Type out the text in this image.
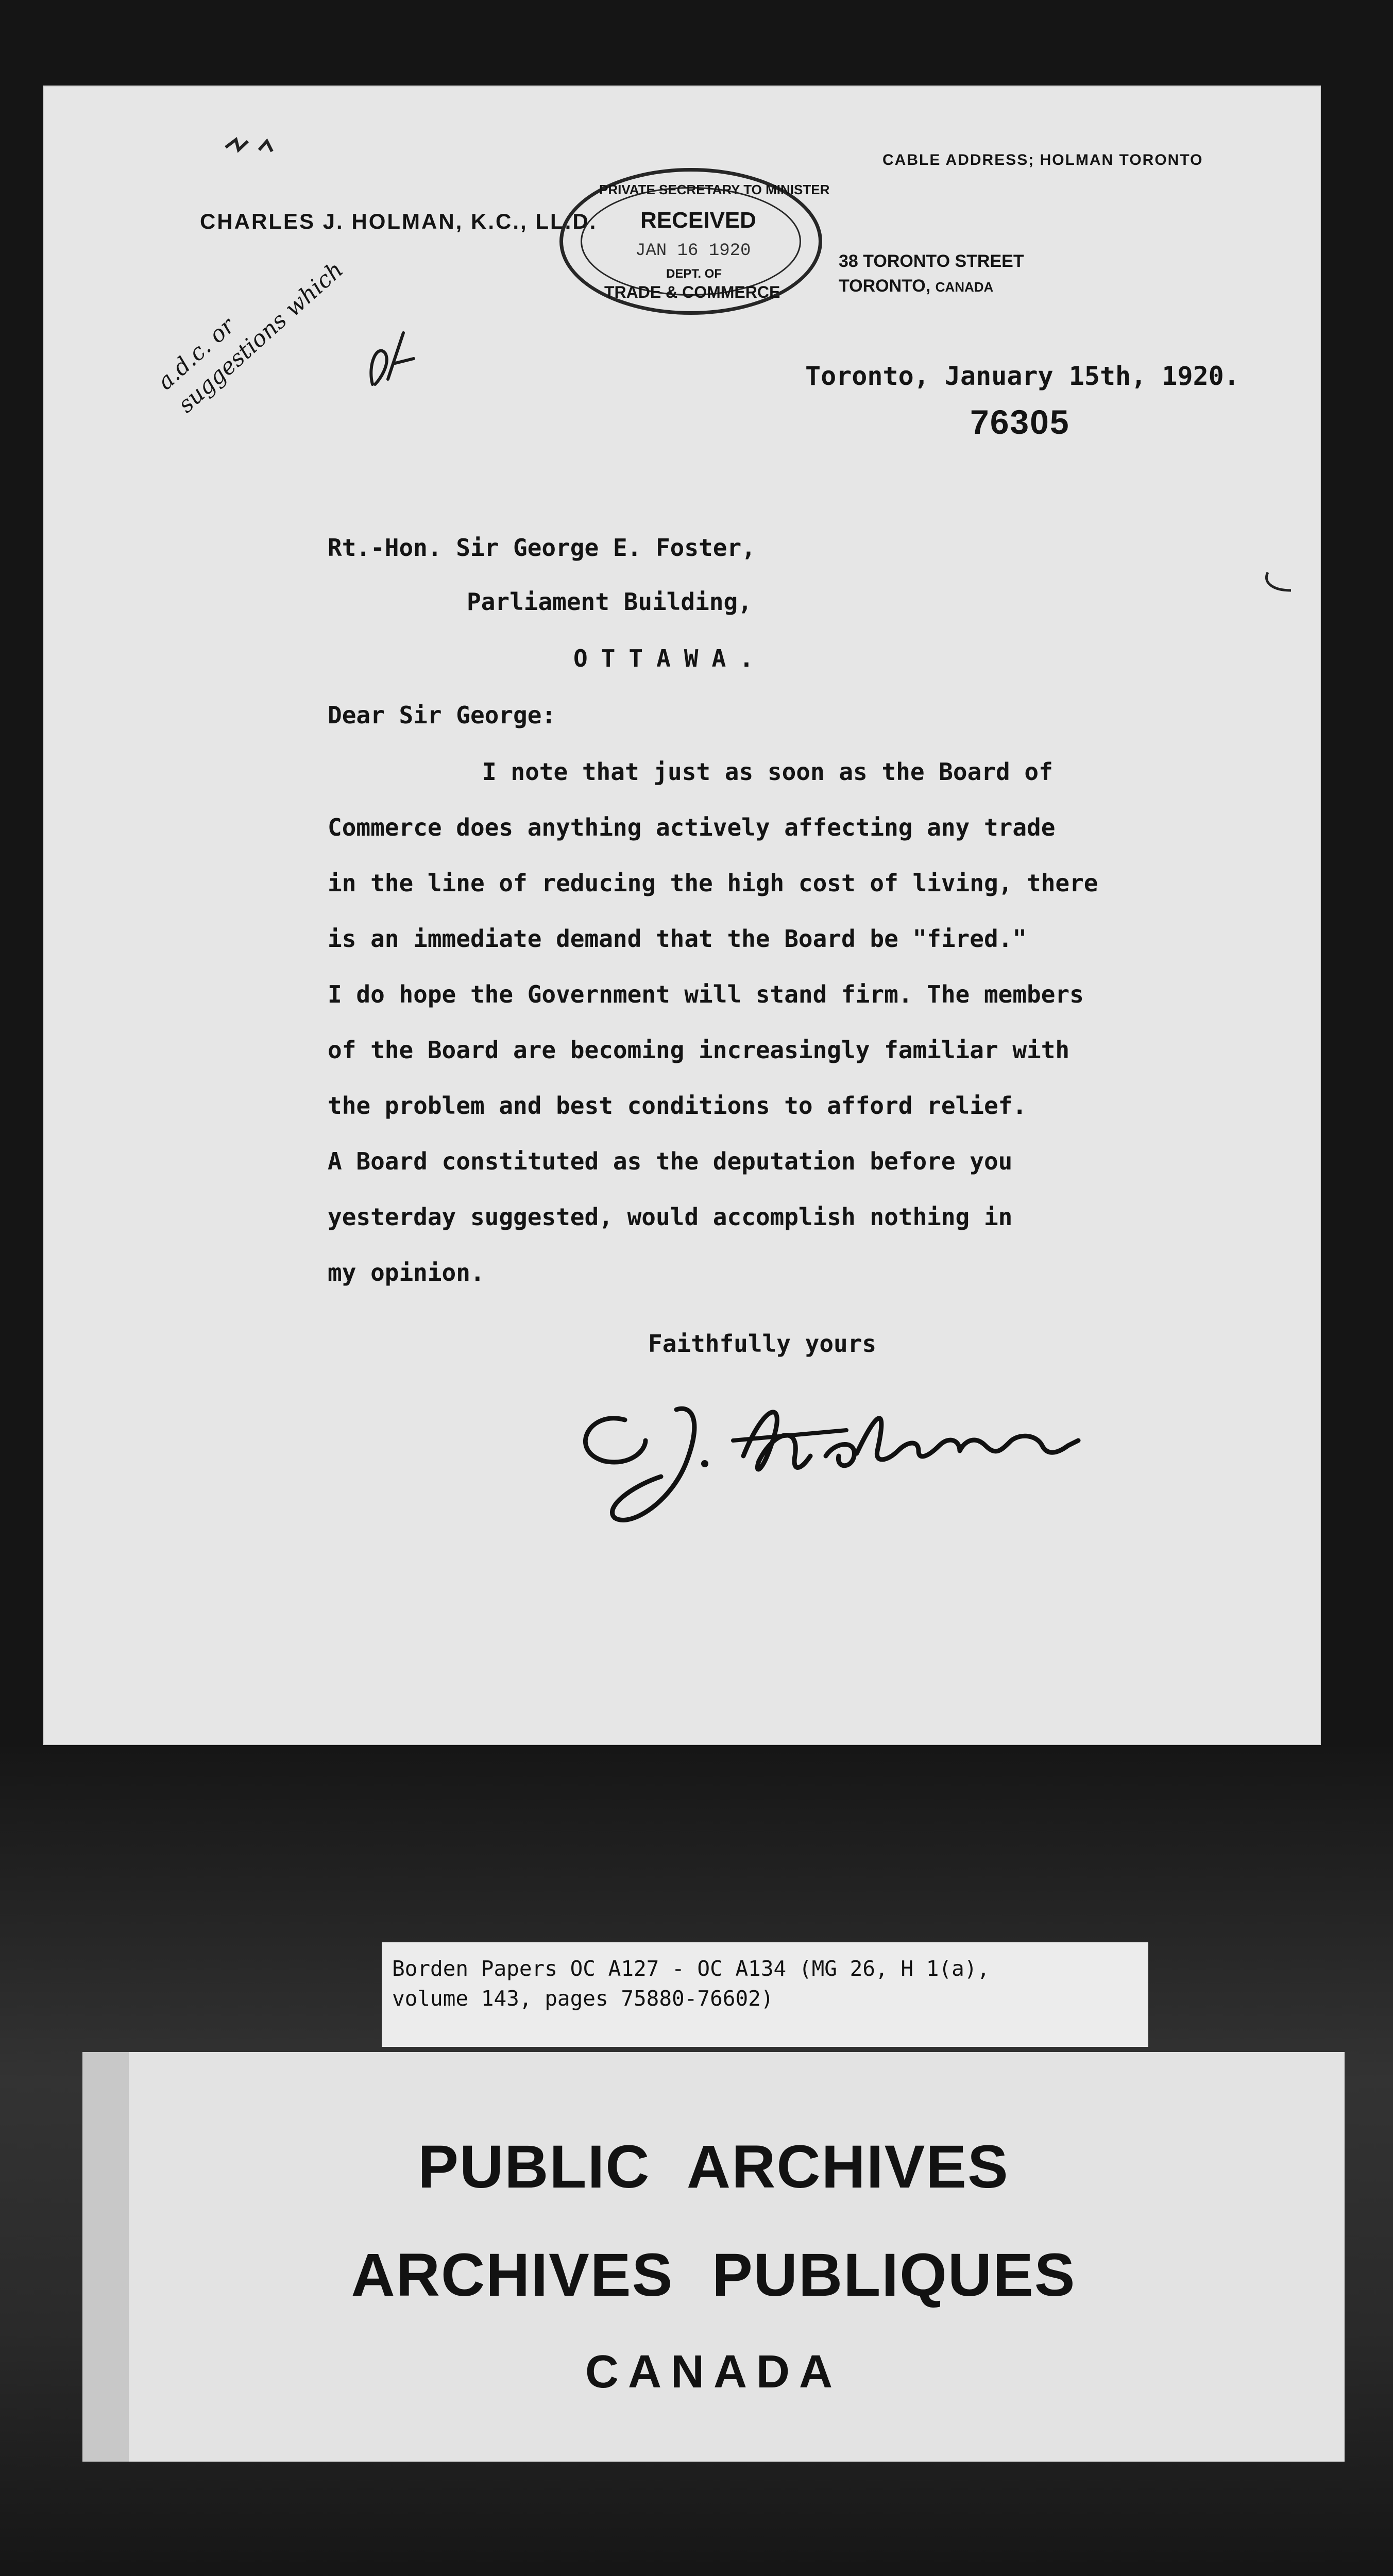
CABLE ADDRESS; HOLMAN TORONTO
CHARLES J. HOLMAN, K.C., LL.D.
38 TORONTO STREET
TORONTO, CANADA
PRIVATE SECRETARY TO MINISTER
RECEIVED
JAN 16 1920
DEPT. OF
TRADE & COMMERCE
a.d.c. or suggestions which	Toronto, January 15th, 1920.
76305
Rt.-Hon. Sir George E. Foster,
Parliament Building,
OTTAWA.
Dear Sir George:
I note that just as soon as the Board of
Commerce does anything actively affecting any trade
in the line of reducing the high cost of living, there
is an immediate demand that the Board be "fired."
I do hope the Government will stand firm. The members
of the Board are becoming increasingly familiar with
the problem and best conditions to afford relief.
A Board constituted as the deputation before you
yesterday suggested, would accomplish nothing in
my opinion.
Faithfully yours
Borden Papers OC A127 - OC A134 (MG 26, H 1(a),
volume 143, pages 75880-76602)
PUBLIC ARCHIVES
ARCHIVES PUBLIQUES
CANADA
